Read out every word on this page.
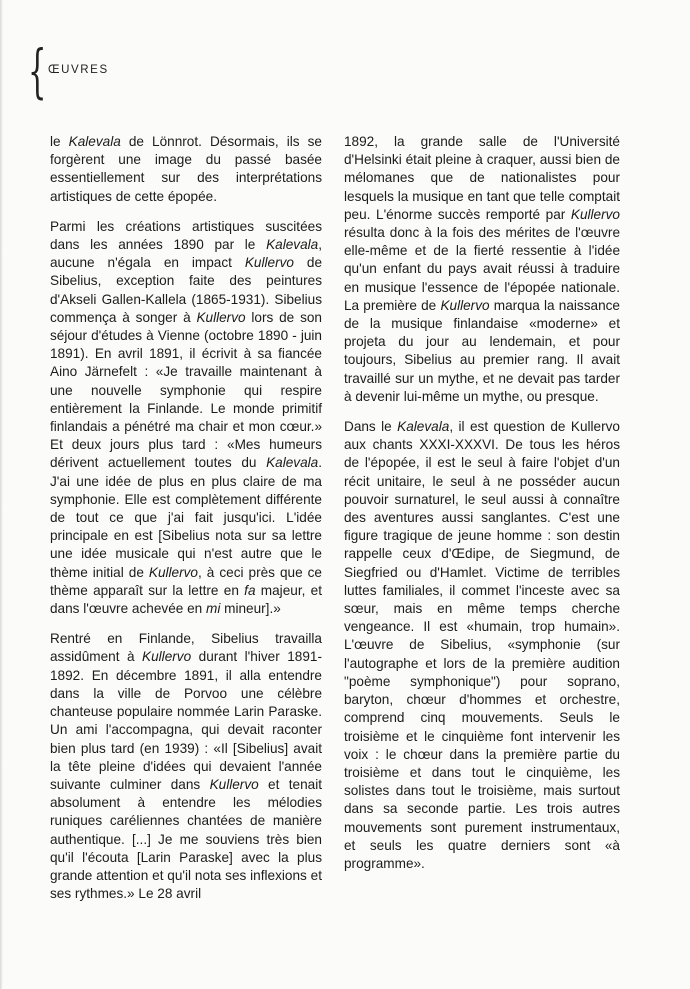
{ ŒUVRES

le Kalevala de Lönnrot. Désormais, ils se forgèrent une image du passé basée essentiellement sur des interprétations artistiques de cette épopée.

Parmi les créations artistiques suscitées dans les années 1890 par le Kalevala, aucune n'égala en impact Kullervo de Sibelius, exception faite des peintures d'Akseli Gallen-Kallela (1865-1931). Sibelius commença à songer à Kullervo lors de son séjour d'études à Vienne (octobre 1890 - juin 1891). En avril 1891, il écrivit à sa fiancée Aino Järnefelt : «Je travaille maintenant à une nouvelle symphonie qui respire entièrement la Finlande. Le monde primitif finlandais a pénétré ma chair et mon cœur.» Et deux jours plus tard : «Mes humeurs dérivent actuellement toutes du Kalevala. J'ai une idée de plus en plus claire de ma symphonie. Elle est complètement différente de tout ce que j'ai fait jusqu'ici. L'idée principale en est [Sibelius nota sur sa lettre une idée musicale qui n'est autre que le thème initial de Kullervo, à ceci près que ce thème apparaît sur la lettre en fa majeur, et dans l'œuvre achevée en mi mineur].»

Rentré en Finlande, Sibelius travailla assidûment à Kullervo durant l'hiver 1891-1892. En décembre 1891, il alla entendre dans la ville de Porvoo une célèbre chanteuse populaire nommée Larin Paraske. Un ami l'accompagna, qui devait raconter bien plus tard (en 1939) : «Il [Sibelius] avait la tête pleine d'idées qui devaient l'année suivante culminer dans Kullervo et tenait absolument à entendre les mélodies runiques caréliennes chantées de manière authentique. [...] Je me souviens très bien qu'il l'écouta [Larin Paraske] avec la plus grande attention et qu'il nota ses inflexions et ses rythmes.» Le 28 avril

1892, la grande salle de l'Université d'Helsinki était pleine à craquer, aussi bien de mélomanes que de nationalistes pour lesquels la musique en tant que telle comptait peu. L'énorme succès remporté par Kullervo résulta donc à la fois des mérites de l'œuvre elle-même et de la fierté ressentie à l'idée qu'un enfant du pays avait réussi à traduire en musique l'essence de l'épopée nationale. La première de Kullervo marqua la naissance de la musique finlandaise «moderne» et projeta du jour au lendemain, et pour toujours, Sibelius au premier rang. Il avait travaillé sur un mythe, et ne devait pas tarder à devenir lui-même un mythe, ou presque.

Dans le Kalevala, il est question de Kullervo aux chants XXXI-XXXVI. De tous les héros de l'épopée, il est le seul à faire l'objet d'un récit unitaire, le seul à ne posséder aucun pouvoir surnaturel, le seul aussi à connaître des aventures aussi sanglantes. C'est une figure tragique de jeune homme : son destin rappelle ceux d'Œdipe, de Siegmund, de Siegfried ou d'Hamlet. Victime de terribles luttes familiales, il commet l'inceste avec sa sœur, mais en même temps cherche vengeance. Il est «humain, trop humain». L'œuvre de Sibelius, «symphonie (sur l'autographe et lors de la première audition "poème symphonique") pour soprano, baryton, chœur d'hommes et orchestre, comprend cinq mouvements. Seuls le troisième et le cinquième font intervenir les voix : le chœur dans la première partie du troisième et dans tout le cinquième, les solistes dans tout le troisième, mais surtout dans sa seconde partie. Les trois autres mouvements sont purement instrumentaux, et seuls les quatre derniers sont «à programme».
